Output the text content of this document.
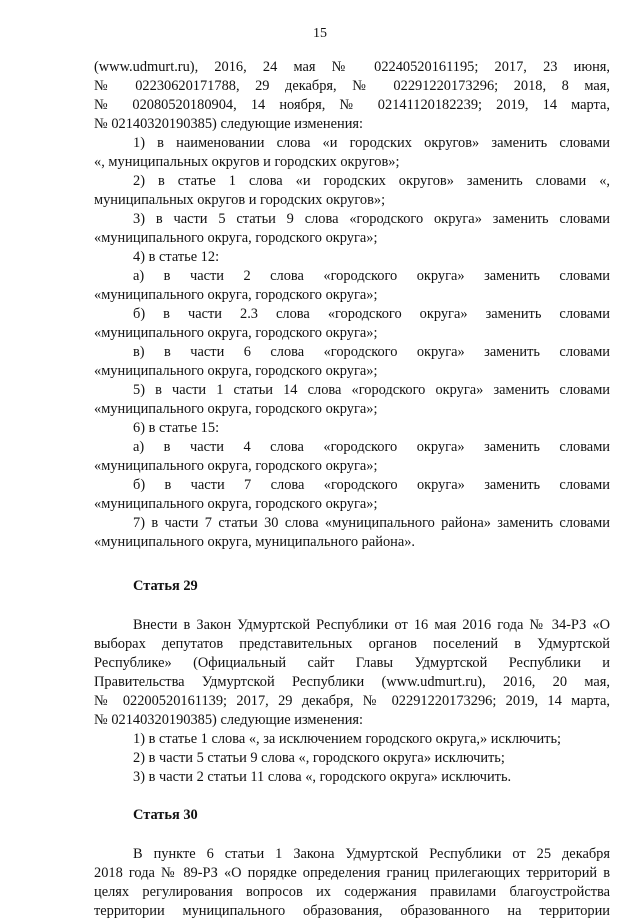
15
(www.udmurt.ru), 2016, 24 мая № 02240520161195; 2017, 23 июня,
№ 02230620171788, 29 декабря, № 02291220173296; 2018, 8 мая,
№ 02080520180904, 14 ноября, № 02141120182239; 2019, 14 марта,
№ 02140320190385) следующие изменения:
1) в наименовании слова «и городских округов» заменить словами
«, муниципальных округов и городских округов»;
2) в статье 1 слова «и городских округов» заменить словами «,
муниципальных округов и городских округов»;
3) в части 5 статьи 9 слова «городского округа» заменить словами
«муниципального округа, городского округа»;
4) в статье 12:
а) в части 2 слова «городского округа» заменить словами
«муниципального округа, городского округа»;
б) в части 2.3 слова «городского округа» заменить словами
«муниципального округа, городского округа»;
в) в части 6 слова «городского округа» заменить словами
«муниципального округа, городского округа»;
5) в части 1 статьи 14 слова «городского округа» заменить словами
«муниципального округа, городского округа»;
6) в статье 15:
а) в части 4 слова «городского округа» заменить словами
«муниципального округа, городского округа»;
б) в части 7 слова «городского округа» заменить словами
«муниципального округа, городского округа»;
7) в части 7 статьи 30 слова «муниципального района» заменить словами
«муниципального округа, муниципального района».
Статья 29
Внести в Закон Удмуртской Республики от 16 мая 2016 года № 34-РЗ «О
выборах депутатов представительных органов поселений в Удмуртской
Республике» (Официальный сайт Главы Удмуртской Республики и
Правительства Удмуртской Республики (www.udmurt.ru), 2016, 20 мая,
№ 02200520161139; 2017, 29 декабря, № 02291220173296; 2019, 14 марта,
№ 02140320190385) следующие изменения:
1) в статье 1 слова «, за исключением городского округа,» исключить;
2) в части 5 статьи 9 слова «, городского округа» исключить;
3) в части 2 статьи 11 слова «, городского округа» исключить.
Статья 30
В пункте 6 статьи 1 Закона Удмуртской Республики от 25 декабря
2018 года № 89-РЗ «О порядке определения границ прилегающих территорий в
целях регулирования вопросов их содержания правилами благоустройства
территории муниципального образования, образованного на территории
